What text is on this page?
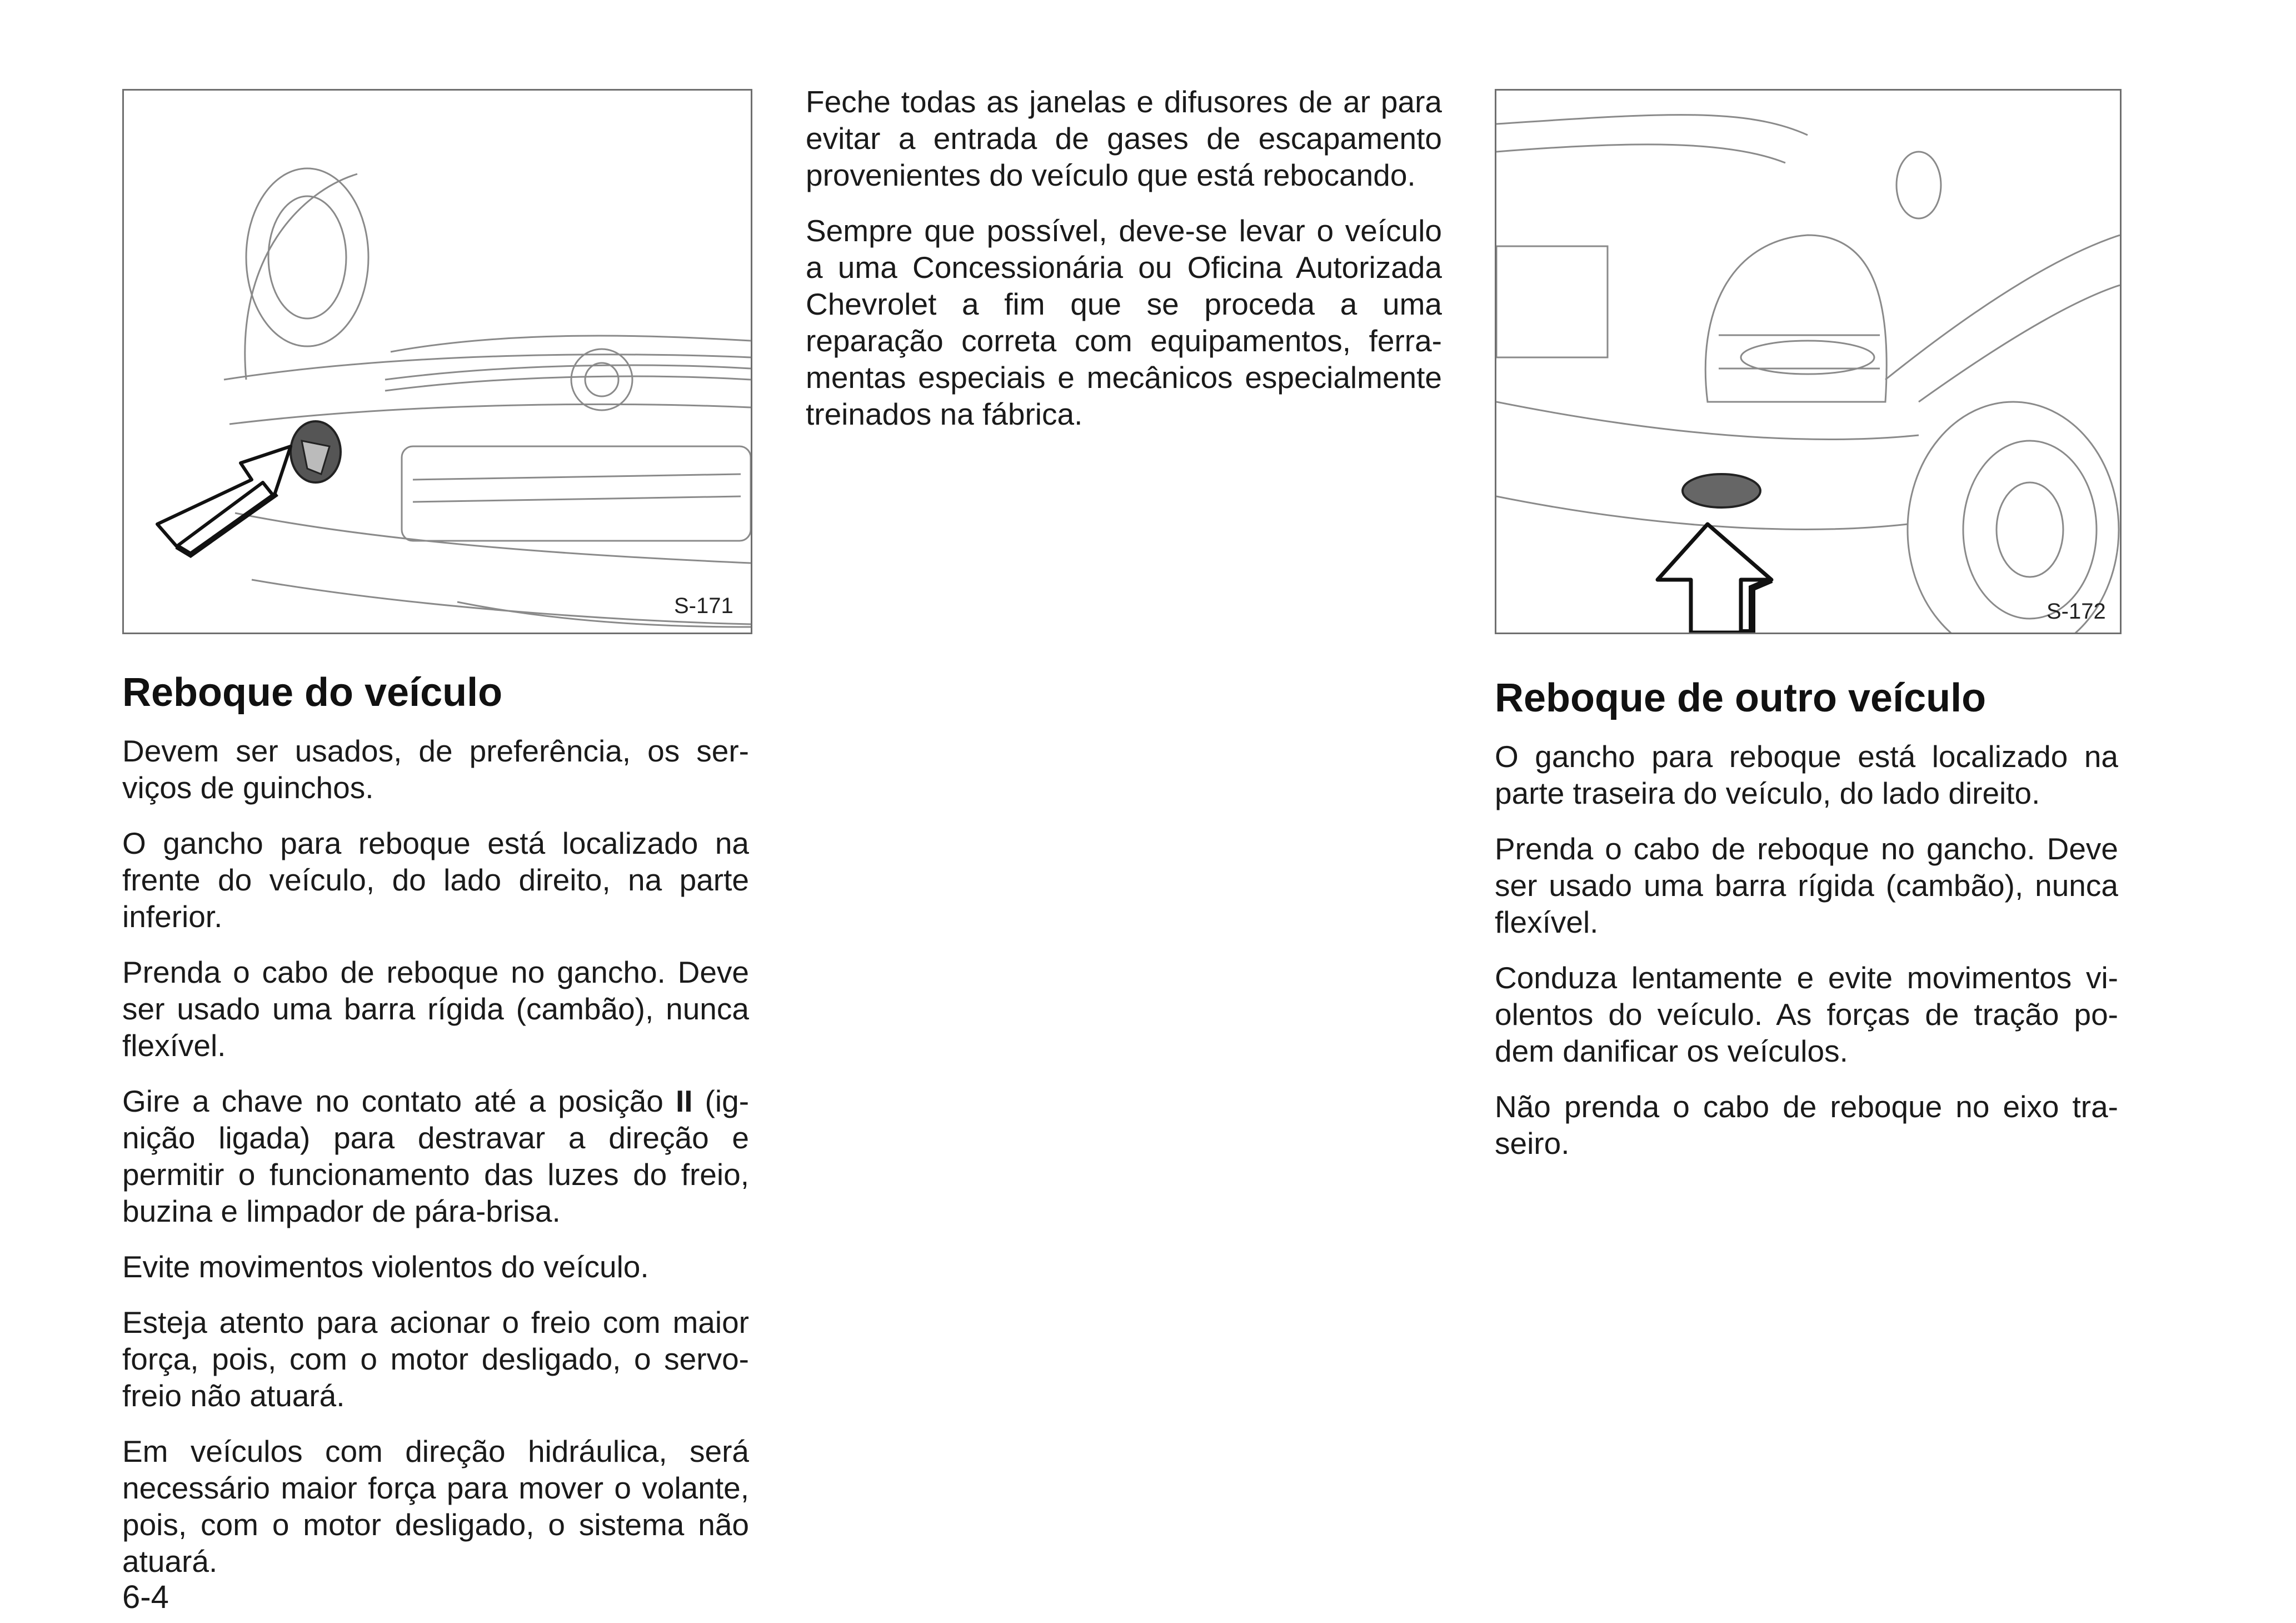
S-171	S-172

Feche todas as janelas e difusores de ar para evitar a entrada de gases de escapamento provenientes do veículo que está rebocando.

Sempre que possível, deve-se levar o veículo a uma Concessionária ou Oficina Autorizada Chevrolet a fim que se proceda a uma reparação correta com equipamentos, ferramentas especiais e mecânicos especialmente treinados na fábrica.

Reboque do veículo

Devem ser usados, de preferência, os serviços de guinchos.

O gancho para reboque está localizado na frente do veículo, do lado direito, na parte inferior.

Prenda o cabo de reboque no gancho. Deve ser usado uma barra rígida (cambão), nunca flexível.

Gire a chave no contato até a posição II (ignição ligada) para destravar a direção e permitir o funcionamento das luzes do freio, buzina e limpador de pára-brisa.

Evite movimentos violentos do veículo.

Esteja atento para acionar o freio com maior força, pois, com o motor desligado, o servofreio não atuará.

Em veículos com direção hidráulica, será necessário maior força para mover o volante, pois, com o motor desligado, o sistema não atuará.

Reboque de outro veículo

O gancho para reboque está localizado na parte traseira do veículo, do lado direito.

Prenda o cabo de reboque no gancho. Deve ser usado uma barra rígida (cambão), nunca flexível.

Conduza lentamente e evite movimentos violentos do veículo. As forças de tração podem danificar os veículos.

Não prenda o cabo de reboque no eixo traseiro.

6-4
